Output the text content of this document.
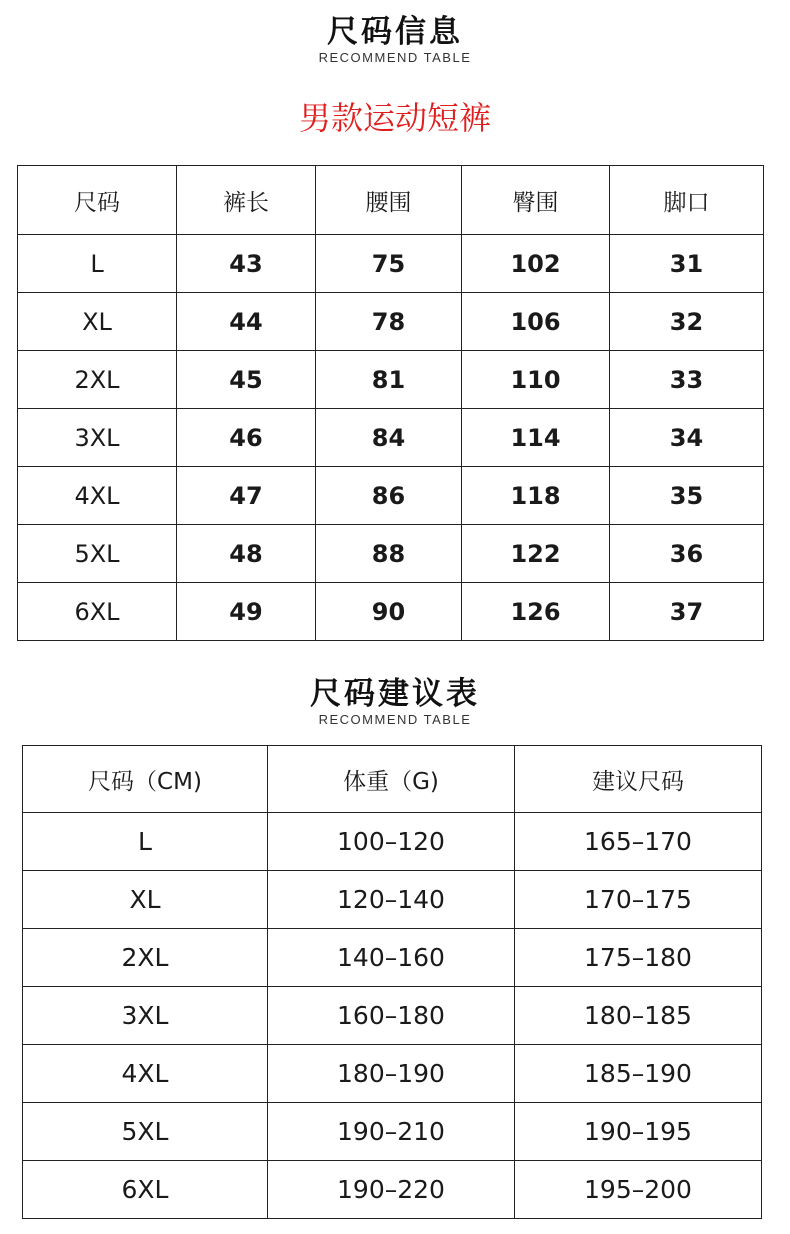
尺码信息
RECOMMEND TABLE
男款运动短裤
尺码	裤长	腰围	臀围	脚口
L	43	75	102	31
XL	44	78	106	32
2XL	45	81	110	33
3XL	46	84	114	34
4XL	47	86	118	35
5XL	48	88	122	36
6XL	49	90	126	37
尺码建议表
RECOMMEND TABLE
尺码（CM)	体重（G)	建议尺码
L	100–120	165–170
XL	120–140	170–175
2XL	140–160	175–180
3XL	160–180	180–185
4XL	180–190	185–190
5XL	190–210	190–195
6XL	190–220	195–200
